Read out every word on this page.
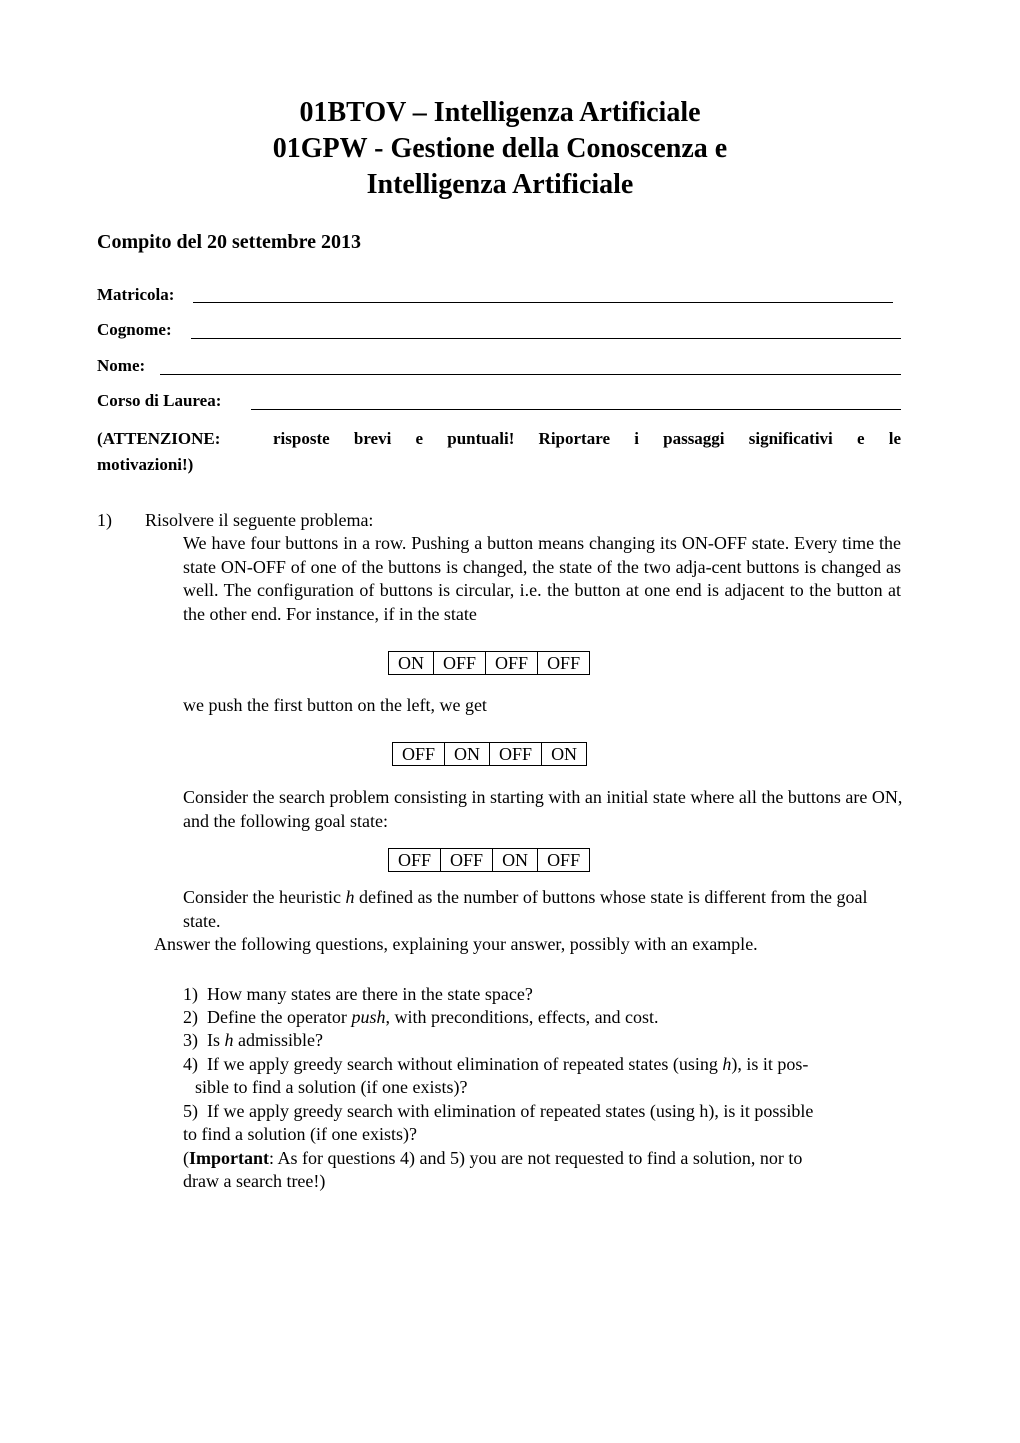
01BTOV – Intelligenza Artificiale
01GPW - Gestione della Conoscenza e
Intelligenza Artificiale
Compito del 20 settembre 2013
Matricola:
Cognome:
Nome:
Corso di Laurea:
(ATTENZIONE:	risposte brevi e puntuali! Riportare i passaggi significativi e le
motivazioni!)
1) Risolvere il seguente problema:
We have four buttons in a row. Pushing a button means changing its ON-OFF state. Every time the state ON-OFF of one of the buttons is changed, the state of the two adja-cent buttons is changed as well. The configuration of buttons is circular, i.e. the button at one end is adjacent to the button at the other end. For instance, if in the state
ON	OFF	OFF	OFF
we push the first button on the left, we get
OFF	ON	OFF	ON
Consider the search problem consisting in starting with an initial state where all the buttons are ON, and the following goal state:
OFF	OFF	ON	OFF
Consider the heuristic h defined as the number of buttons whose state is different from the goal state.
Answer the following questions, explaining your answer, possibly with an example.
1) How many states are there in the state space?
2) Define the operator push, with preconditions, effects, and cost.
3) Is h admissible?
4) If we apply greedy search without elimination of repeated states (using h), is it pos-
sible to find a solution (if one exists)?
5) If we apply greedy search with elimination of repeated states (using h), is it possible
to find a solution (if one exists)?
(Important: As for questions 4) and 5) you are not requested to find a solution, nor to
draw a search tree!)
